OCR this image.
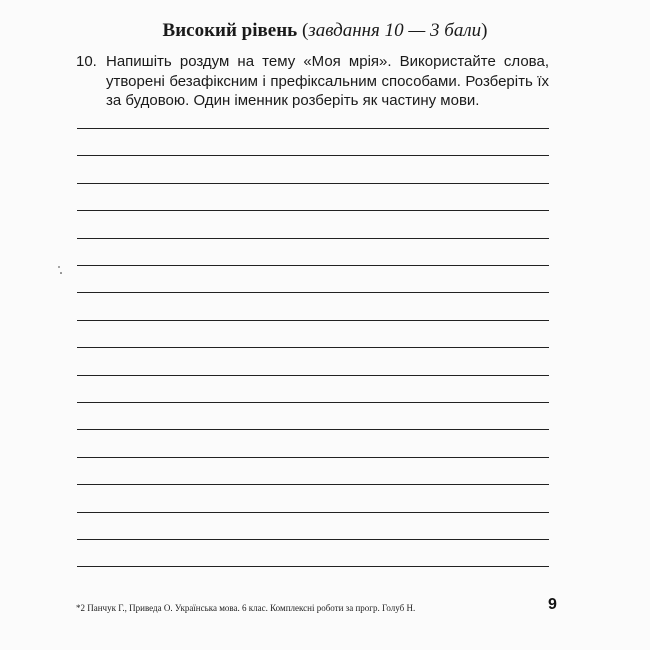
Високий рівень (завдання 10 — 3 бали)
10. Напишіть роздум на тему «Моя мрія». Використайте слова,
утворені безафіксним і префіксальним способами. Розберіть їх
за будовою. Один іменник розберіть як частину мови.
*2 Панчук Г., Приведа О. Українська мова. 6 клас. Комплексні роботи за прогр. Голуб Н.	9
